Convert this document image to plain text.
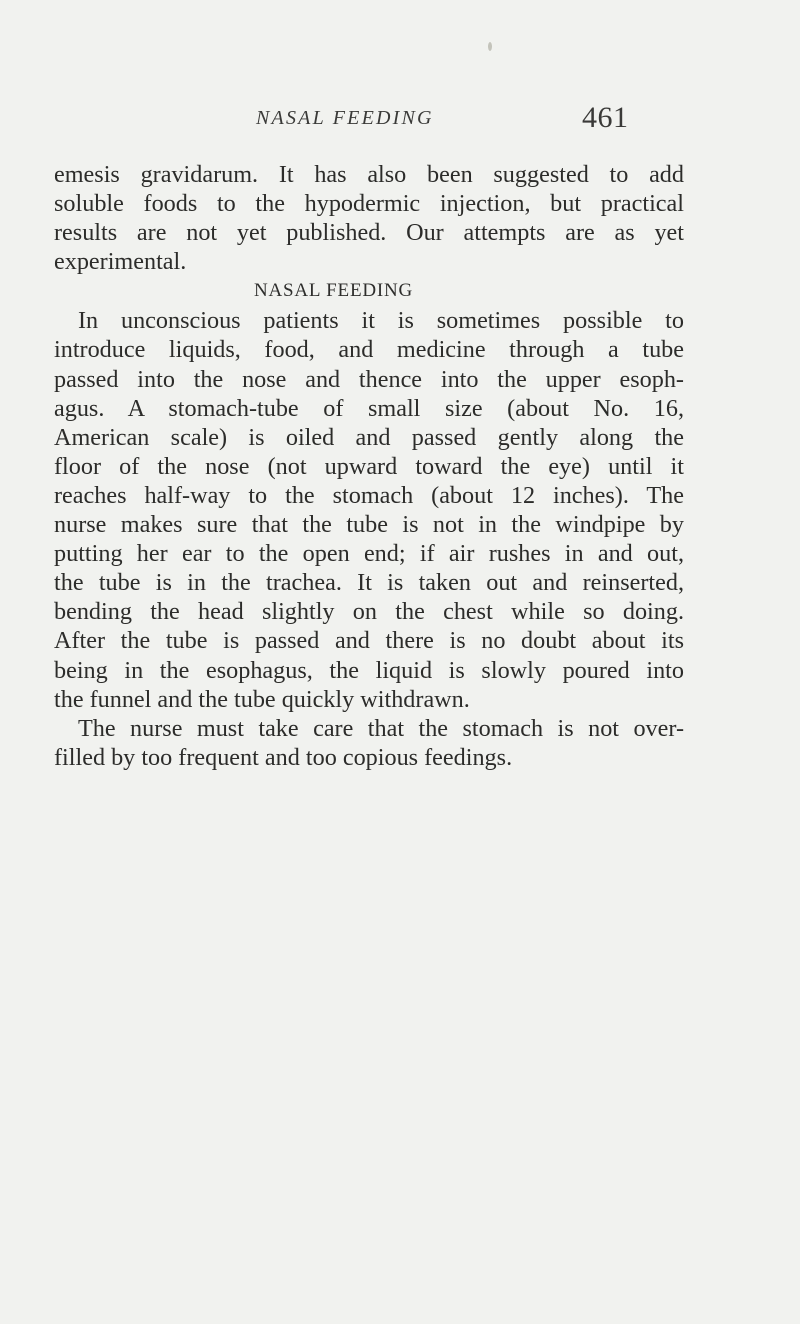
NASAL FEEDING	461
emesis gravidarum. It has also been suggested to add
soluble foods to the hypodermic injection, but practical
results are not yet published. Our attempts are as yet
experimental.
NASAL FEEDING
In unconscious patients it is sometimes possible to
introduce liquids, food, and medicine through a tube
passed into the nose and thence into the upper esoph-
agus. A stomach-tube of small size (about No. 16,
American scale) is oiled and passed gently along the
floor of the nose (not upward toward the eye) until it
reaches half-way to the stomach (about 12 inches). The
nurse makes sure that the tube is not in the windpipe by
putting her ear to the open end; if air rushes in and out,
the tube is in the trachea. It is taken out and reinserted,
bending the head slightly on the chest while so doing.
After the tube is passed and there is no doubt about its
being in the esophagus, the liquid is slowly poured into
the funnel and the tube quickly withdrawn.
The nurse must take care that the stomach is not over-
filled by too frequent and too copious feedings.
